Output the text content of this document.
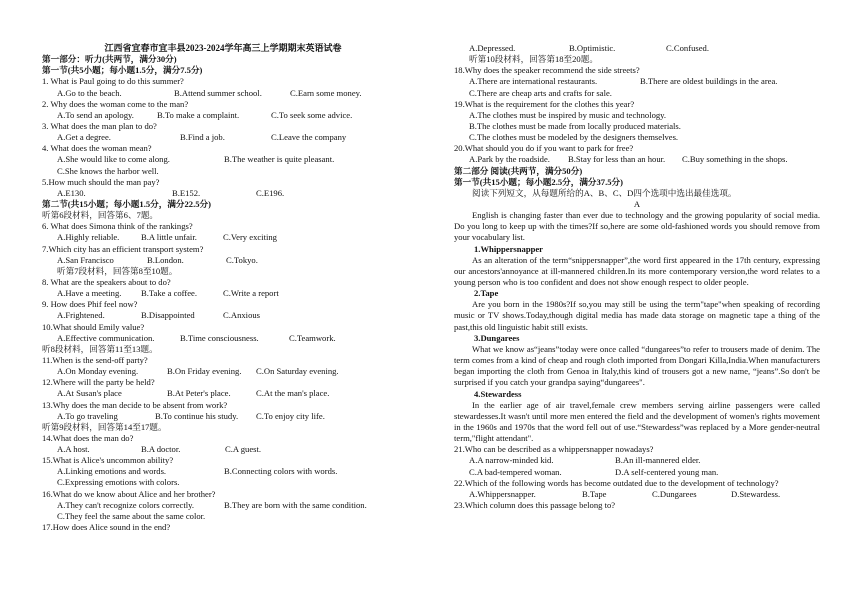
江西省宜春市宜丰县2023-2024学年高三上学期期末英语试卷
第一部分：听力(共两节，满分30分)
第一节(共5小题；每小题1.5分，满分7.5分)
1. What is Paul going to do this summer?
A.Go to the beach.	B.Attend summer school.	C.Earn some money.
2. Why does the woman come to the man?
A.To send an apology.	B.To make a complaint.	C.To seek some advice.
3. What does the man plan to do?
A.Get a degree.	B.Find a job.	C.Leave the company
4. What does the woman mean?
A.She would like to come along.	B.The weather is quite pleasant.
C.She knows the harbor well.
5.How much should the man pay?
A.E130.	B.E152.	C.E196.
第二节(共15小题；每小题1.5分，满分22.5分)
听第6段材料，回答第6、7题。
6. What does Simona think of the rankings?
A.Highly reliable.	B.A little unfair.	C.Very exciting
7.Which city has an efficient transport system?
A.San Francisco	B.London.	C.Tokyo.
听第7段材料，回答第8至10题。
8. What are the speakers about to do?
A.Have a meeting. B.Take a coffee.	C.Write a report
9. How does Phif feel now?
A.Frightened.	B.Disappointed	C.Anxious
10.What should Emily value?
A.Effective communication.	B.Time consciousness.	C.Teamwork.
听8段材料，回答第11至13题。
11.When is the send-off party?
A.On Monday evening.	B.On Friday evening. C.On Saturday evening.
12.Where will the party be held?
A.At Susan's place	B.At Peter's place.	C.At the man's place.
13.Why does the man decide to be absent from work?
A.To go traveling	B.To continue his study. C.To enjoy city life.
听第9段材料，回答第14至17题。
14.What does the man do?
A.A host.	B.A doctor.	C.A guest.
15.What is Alice's uncommon ability?
A.Linking emotions and words.	B.Connecting colors with words.
C.Expressing emotions with colors.
16.What do we know about Alice and her brother?
A.They can't recognize colors correctly.	B.They are born with the same condition.
C.They feel the same about the same color.
17.How does Alice sound in the end?
A.Depressed.	B.Optimistic.	C.Confused.
听第10段材料，回答第18至20题。
18.Why does the speaker recommend the side streets?
A.There are international restaurants.	B.There are oldest buildings in the area.
C.There are cheap arts and crafts for sale.
19.What is the requirement for the clothes this year?
A.The clothes must be inspired by music and technology.
B.The clothes must be made from locally produced materials.
C.The clothes must be modeled by the designers themselves.
20.What should you do if you want to park for free?
A.Park by the roadside. B.Stay for less than an hour. C.Buy something in the shops.
第二部分 阅读(共两节，满分50分)
第一节(共15小题；每小题2.5分，满分37.5分)
阅读下列短文，从每题所给的A、B、C、D四个选项中选出最佳选项。
A
English is changing faster than ever due to technology and the growing popularity of social media. Do you long to keep up with the times?If so,here are some old-fashioned words you should remove from your vocabulary list.
1.Whippersnapper
As an alteration of the term“snippersnapper”,the word first appeared in the 17th century, expressing our ancestors'annoyance at ill-mannered children.In its more contemporary version,the word relates to a young person who is too confident and does not show enough respect to older people.
2.Tape
Are you born in the 1980s?If so,you may still be using the term"tape"when speaking of recording music or TV shows.Today,though digital media has made data storage on magnetic tape a thing of the past,this old linguistic habit still exists.
3.Dungarees
What we know as“jeans”today were once called “dungarees”to refer to trousers made of denim. The term comes from a kind of cheap and rough cloth imported from Dongari Killa,India.When manufacturers began importing the cloth from Genoa in Italy,this kind of trousers got a new name, “jeans”.So don't be surprised if you catch your grandpa saying“dungarees".
4.Stewardess
In the earlier age of air travel,female crew members serving airline passengers were called stewardesses.It wasn't until more men entered the field and the development of women's rights movement in the 1960s and 1970s that the word fell out of use.“Stewardess”was replaced by a More gender-neutral term,"flight attendant".
21.Who can be described as a whippersnapper nowadays?
A.A narrow-minded kid.	B.An ill-mannered elder.
C.A bad-tempered woman.	D.A self-centered young man.
22.Which of the following words has become outdated due to the development of technology?
A.Whippersnapper.	B.Tape	C.Dungarees	D.Stewardess.
23.Which column does this passage belong to?
